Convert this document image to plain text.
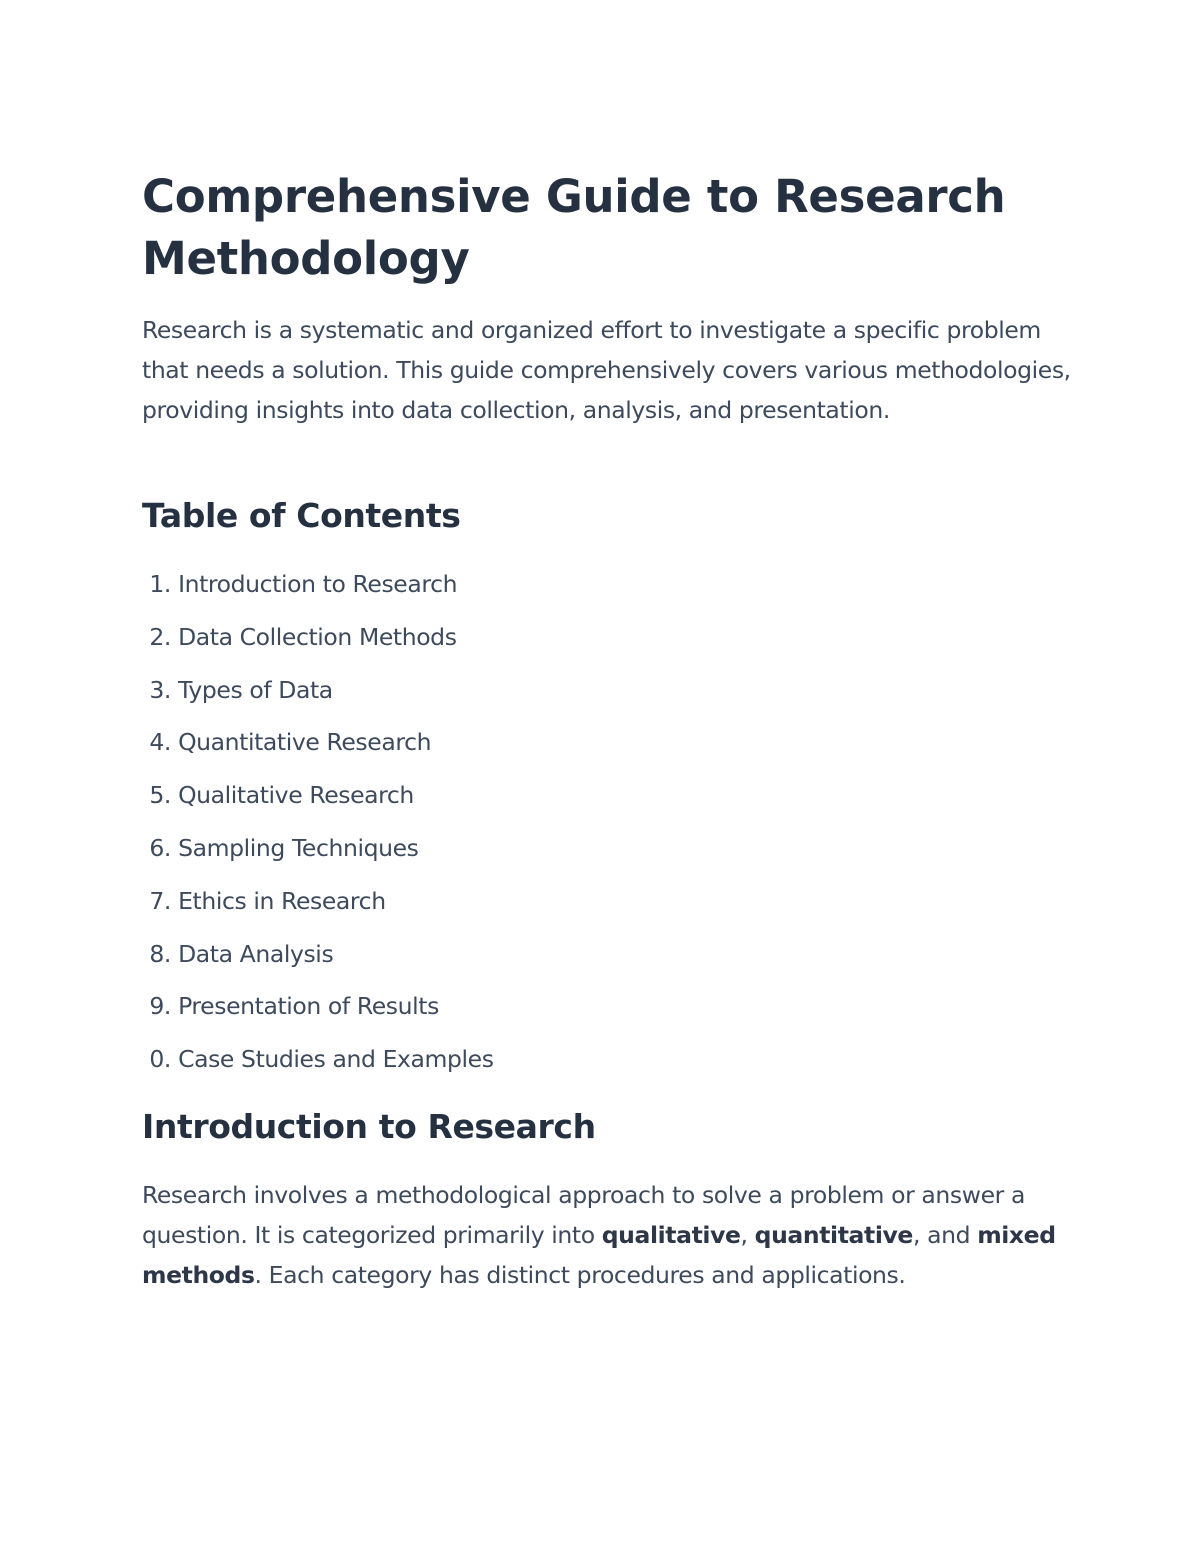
Comprehensive Guide to Research Methodology

Research is a systematic and organized effort to investigate a specific problem that needs a solution. This guide comprehensively covers various methodologies, providing insights into data collection, analysis, and presentation.

Table of Contents
1. Introduction to Research
2. Data Collection Methods
3. Types of Data
4. Quantitative Research
5. Qualitative Research
6. Sampling Techniques
7. Ethics in Research
8. Data Analysis
9. Presentation of Results
0. Case Studies and Examples
Introduction to Research

Research involves a methodological approach to solve a problem or answer a question. It is categorized primarily into qualitative, quantitative, and mixed methods. Each category has distinct procedures and applications.
